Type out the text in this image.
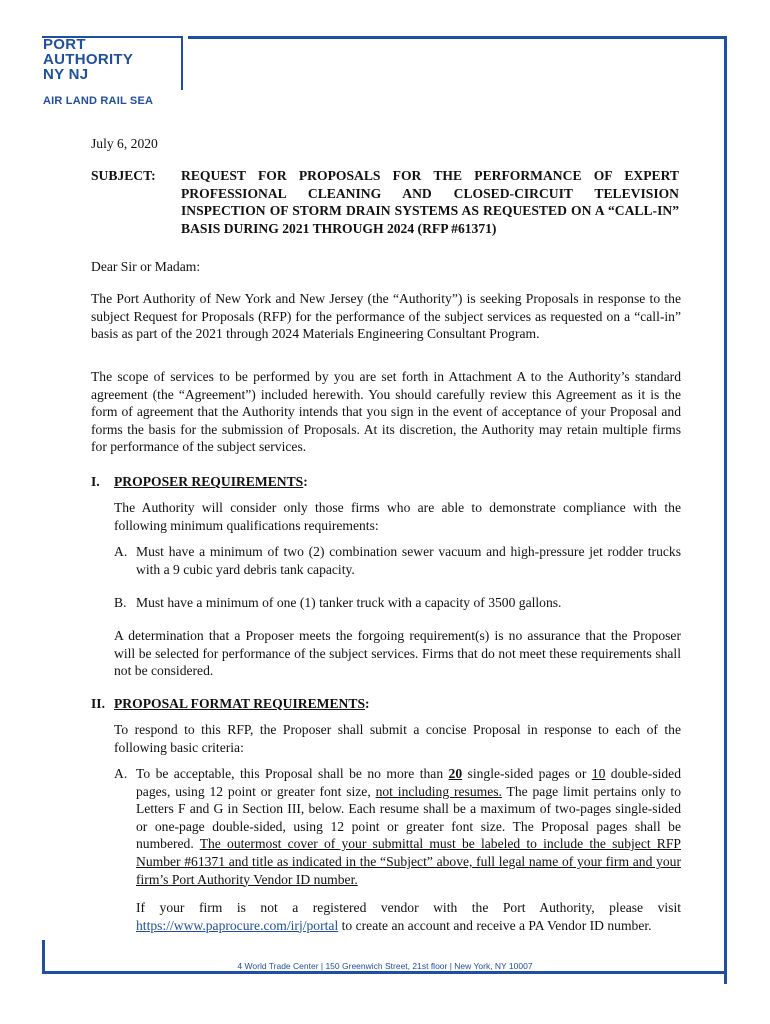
PORT
AUTHORITY
NY NJ
AIR LAND RAIL SEA
4 World Trade Center | 150 Greenwich Street, 21st floor | New York, NY 10007
July 6, 2020
SUBJECT: REQUEST FOR PROPOSALS FOR THE PERFORMANCE OF EXPERT PROFESSIONAL CLEANING AND CLOSED-CIRCUIT TELEVISION INSPECTION OF STORM DRAIN SYSTEMS AS REQUESTED ON A “CALL-IN” BASIS DURING 2021 THROUGH 2024 (RFP #61371)
Dear Sir or Madam:
The Port Authority of New York and New Jersey (the “Authority”) is seeking Proposals in response to the subject Request for Proposals (RFP) for the performance of the subject services as requested on a “call-in” basis as part of the 2021 through 2024 Materials Engineering Consultant Program.
The scope of services to be performed by you are set forth in Attachment A to the Authority’s standard agreement (the “Agreement”) included herewith. You should carefully review this Agreement as it is the form of agreement that the Authority intends that you sign in the event of acceptance of your Proposal and forms the basis for the submission of Proposals. At its discretion, the Authority may retain multiple firms for performance of the subject services.
I. PROPOSER REQUIREMENTS:
The Authority will consider only those firms who are able to demonstrate compliance with the following minimum qualifications requirements:
A. Must have a minimum of two (2) combination sewer vacuum and high-pressure jet rodder trucks with a 9 cubic yard debris tank capacity.
B. Must have a minimum of one (1) tanker truck with a capacity of 3500 gallons.
A determination that a Proposer meets the forgoing requirement(s) is no assurance that the Proposer will be selected for performance of the subject services. Firms that do not meet these requirements shall not be considered.
II. PROPOSAL FORMAT REQUIREMENTS:
To respond to this RFP, the Proposer shall submit a concise Proposal in response to each of the following basic criteria:
A. To be acceptable, this Proposal shall be no more than 20 single-sided pages or 10 double-sided pages, using 12 point or greater font size, not including resumes. The page limit pertains only to Letters F and G in Section III, below. Each resume shall be a maximum of two-pages single-sided or one-page double-sided, using 12 point or greater font size. The Proposal pages shall be numbered. The outermost cover of your submittal must be labeled to include the subject RFP Number #61371 and title as indicated in the “Subject” above, full legal name of your firm and your firm’s Port Authority Vendor ID number.
If your firm is not a registered vendor with the Port Authority, please visit https://www.paprocure.com/irj/portal to create an account and receive a PA Vendor ID number.
